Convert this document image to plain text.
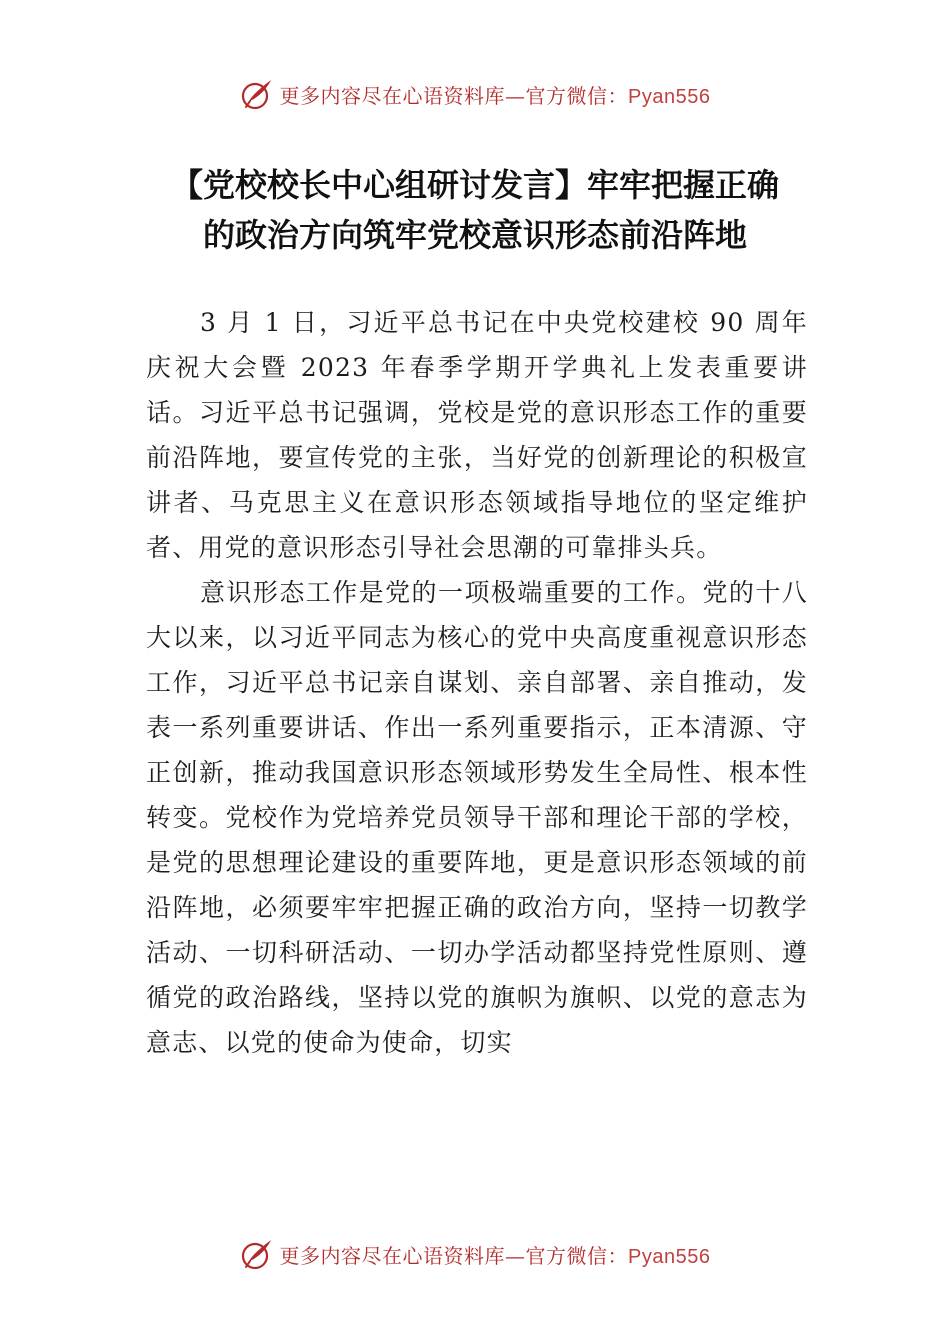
更多内容尽在心语资料库—官方微信：Pyan556
【党校校长中心组研讨发言】牢牢把握正确
的政治方向筑牢党校意识形态前沿阵地

3 月 1 日，习近平总书记在中央党校建校 90 周年庆祝大会暨 2023 年春季学期开学典礼上发表重要讲话。习近平总书记强调，党校是党的意识形态工作的重要前沿阵地，要宣传党的主张，当好党的创新理论的积极宣讲者、马克思主义在意识形态领域指导地位的坚定维护者、用党的意识形态引导社会思潮的可靠排头兵。

意识形态工作是党的一项极端重要的工作。党的十八大以来，以习近平同志为核心的党中央高度重视意识形态工作，习近平总书记亲自谋划、亲自部署、亲自推动，发表一系列重要讲话、作出一系列重要指示，正本清源、守正创新，推动我国意识形态领域形势发生全局性、根本性转变。党校作为党培养党员领导干部和理论干部的学校，是党的思想理论建设的重要阵地，更是意识形态领域的前沿阵地，必须要牢牢把握正确的政治方向，坚持一切教学活动、一切科研活动、一切办学活动都坚持党性原则、遵循党的政治路线，坚持以党的旗帜为旗帜、以党的意志为意志、以党的使命为使命，切实

更多内容尽在心语资料库—官方微信：Pyan556
